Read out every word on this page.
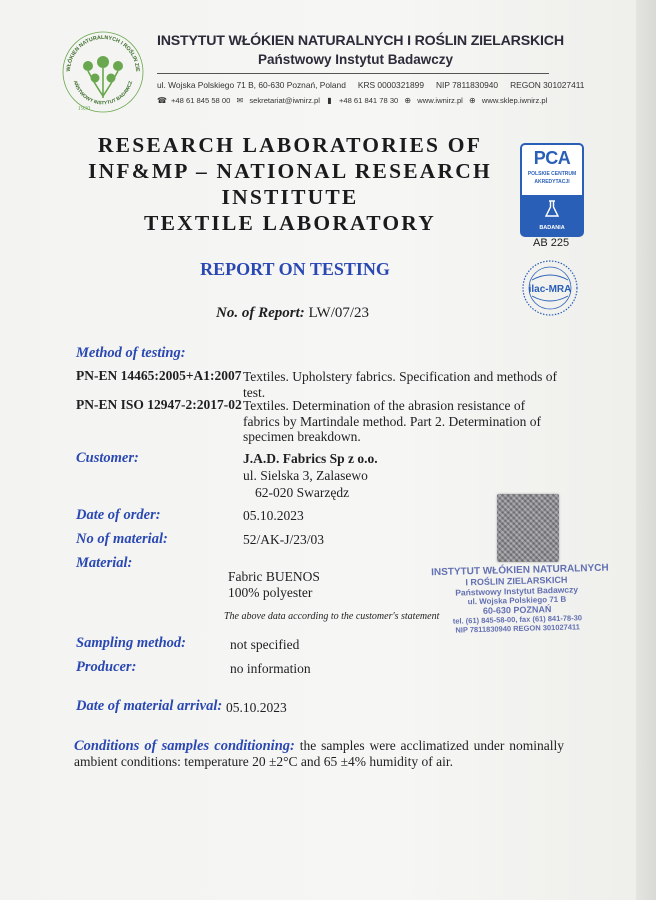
WŁÓKIEN NATURALNYCH I ROŚLIN ZIE
AŃSTWOWY INSTYTUT BADAWCZ
1930
INSTYTUT WŁÓKIEN NATURALNYCH I ROŚLIN ZIELARSKICH
Państwowy Instytut Badawczy
ul. Wojska Polskiego 71 B, 60-630 Poznań, Poland KRS 0000321899 NIP 7811830940 REGON 301027411
☎ +48 61 845 58 00 ✉ sekretariat@iwnirz.pl ▮ +48 61 841 78 30 ⊕ www.iwnirz.pl ⊕ www.sklep.iwnirz.pl
PCA
POLSKIE CENTRUM
AKREDYTACJI
BADANIA
AB 225
ilac-MRA
RESEARCH LABORATORIES OF
INF&MP – NATIONAL RESEARCH
INSTITUTE
TEXTILE LABORATORY
REPORT ON TESTING
No. of Report: LW/07/23
Method of testing:
PN-EN 14465:2005+A1:2007 Textiles. Upholstery fabrics. Specification and methods of test.
PN-EN ISO 12947-2:2017-02 Textiles. Determination of the abrasion resistance of fabrics by Martindale method. Part 2. Determination of specimen breakdown.
Customer:	J.A.D. Fabrics Sp z o.o.
ul. Sielska 3, Zalasewo
62-020 Swarzędz
Date of order:	05.10.2023
No of material:	52/AK-J/23/03
Material:
Fabric BUENOS
100% polyester
The above data according to the customer's statement
INSTYTUT WŁÓKIEN NATURALNYCH
I ROŚLIN ZIELARSKICH
Państwowy Instytut Badawczy
ul. Wojska Polskiego 71 B
60-630 POZNAŃ
tel. (61) 845-58-00, fax (61) 841-78-30
NIP 7811830940 REGON 301027411
Sampling method:	not specified
Producer:	no information
Date of material arrival: 05.10.2023
Conditions of samples conditioning: the samples were acclimatized under nominally ambient conditions: temperature 20 ±2°C and 65 ±4% humidity of air.
